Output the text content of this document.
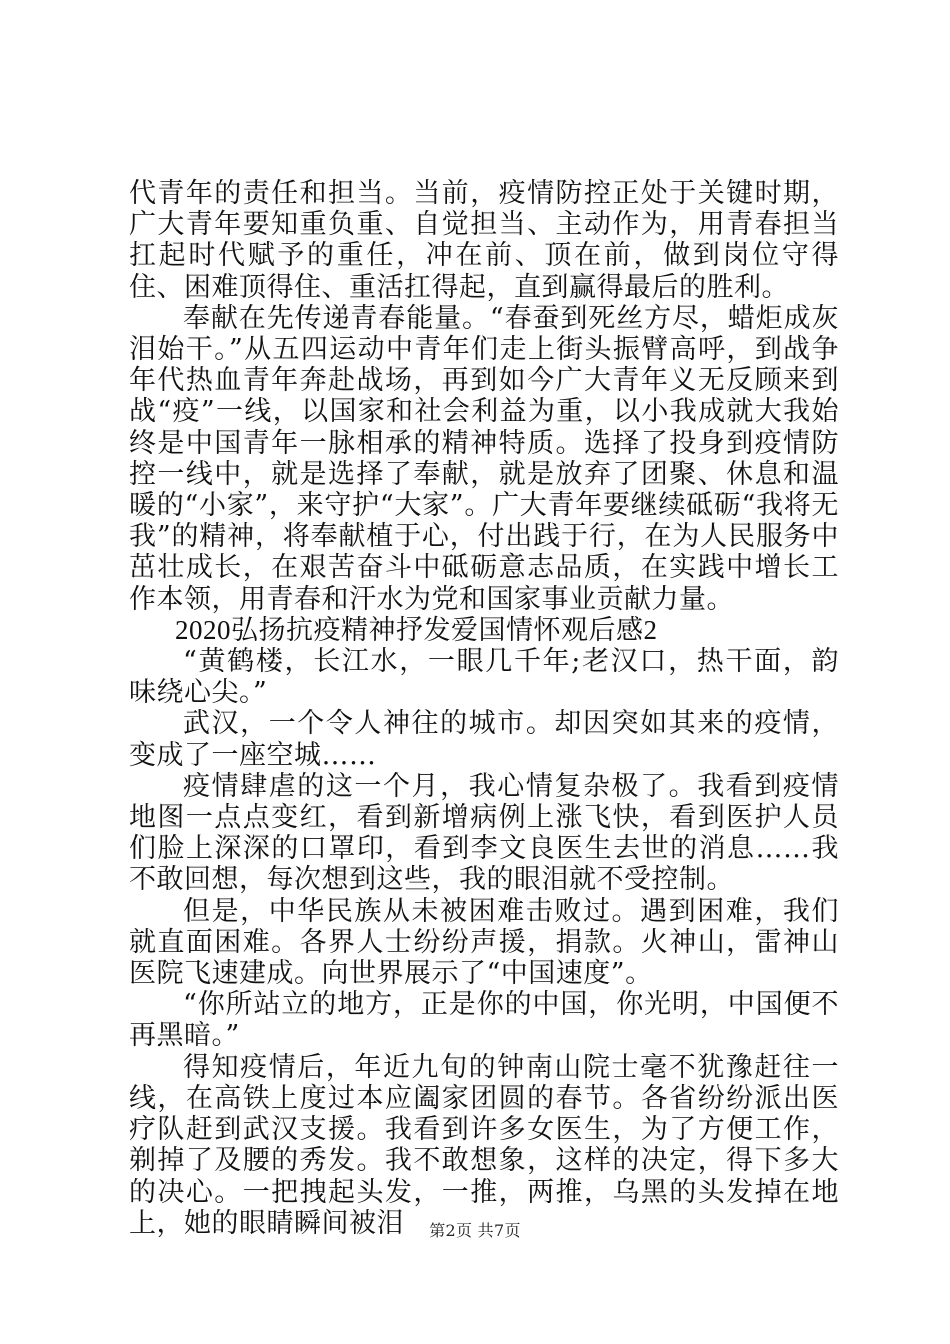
代青年的责任和担当。当前，疫情防控正处于关键时期，广大青年要知重负重、自觉担当、主动作为，用青春担当扛起时代赋予的重任，冲在前、顶在前，做到岗位守得住、困难顶得住、重活扛得起，直到赢得最后的胜利。

奉献在先传递青春能量。“春蚕到死丝方尽，蜡炬成灰泪始干。”从五四运动中青年们走上街头振臂高呼，到战争年代热血青年奔赴战场，再到如今广大青年义无反顾来到战“疫”一线，以国家和社会利益为重，以小我成就大我始终是中国青年一脉相承的精神特质。选择了投身到疫情防控一线中，就是选择了奉献，就是放弃了团聚、休息和温暖的“小家”，来守护“大家”。广大青年要继续砥砺“我将无我”的精神，将奉献植于心，付出践于行，在为人民服务中茁壮成长，在艰苦奋斗中砥砺意志品质，在实践中增长工作本领，用青春和汗水为党和国家事业贡献力量。

2020弘扬抗疫精神抒发爱国情怀观后感2

“黄鹤楼，长江水，一眼几千年;老汉口，热干面，韵味绕心尖。”

武汉，一个令人神往的城市。却因突如其来的疫情，变成了一座空城……

疫情肆虐的这一个月，我心情复杂极了。我看到疫情地图一点点变红，看到新增病例上涨飞快，看到医护人员们脸上深深的口罩印，看到李文良医生去世的消息……我不敢回想，每次想到这些，我的眼泪就不受控制。

但是，中华民族从未被困难击败过。遇到困难，我们就直面困难。各界人士纷纷声援，捐款。火神山，雷神山医院飞速建成。向世界展示了“中国速度”。

“你所站立的地方，正是你的中国，你光明，中国便不再黑暗。”

得知疫情后，年近九旬的钟南山院士毫不犹豫赶往一线，在高铁上度过本应阖家团圆的春节。各省纷纷派出医疗队赶到武汉支援。我看到许多女医生，为了方便工作，剃掉了及腰的秀发。我不敢想象，这样的决定，得下多大的决心。一把拽起头发，一推，两推，乌黑的头发掉在地上，她的眼睛瞬间被泪	第2页 共7页
